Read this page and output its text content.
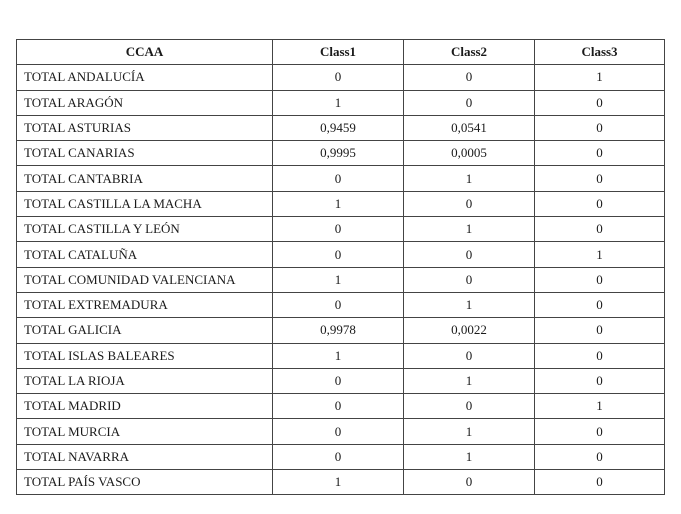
CCAA	Class1	Class2	Class3
TOTAL ANDALUCÍA	0	0	1
TOTAL ARAGÓN	1	0	0
TOTAL ASTURIAS	0,9459	0,0541	0
TOTAL CANARIAS	0,9995	0,0005	0
TOTAL CANTABRIA	0	1	0
TOTAL CASTILLA LA MACHA	1	0	0
TOTAL CASTILLA Y LEÓN	0	1	0
TOTAL CATALUÑA	0	0	1
TOTAL COMUNIDAD VALENCIANA	1	0	0
TOTAL EXTREMADURA	0	1	0
TOTAL GALICIA	0,9978	0,0022	0
TOTAL ISLAS BALEARES	1	0	0
TOTAL LA RIOJA	0	1	0
TOTAL MADRID	0	0	1
TOTAL MURCIA	0	1	0
TOTAL NAVARRA	0	1	0
TOTAL PAÍS VASCO	1	0	0
